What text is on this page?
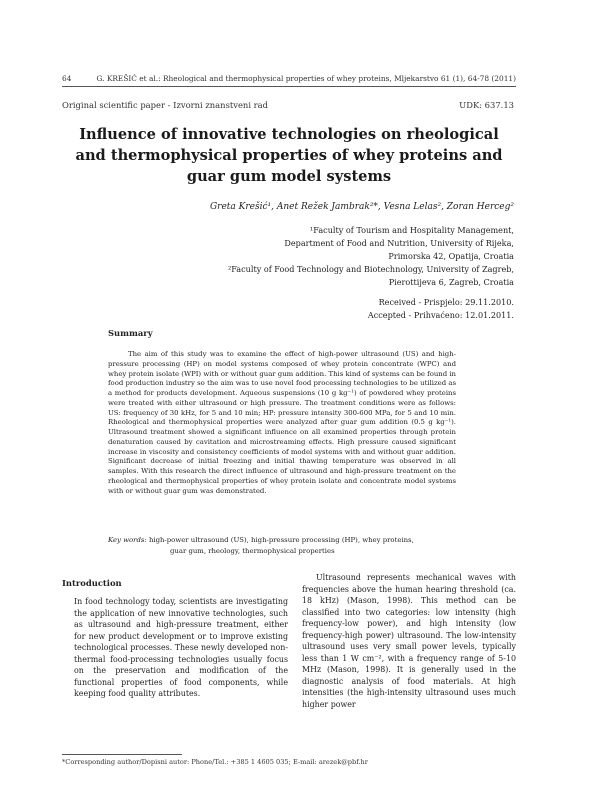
64	G. KREŠIĆ et al.: Rheological and thermophysical properties of whey proteins, Mljekarstvo 61 (1), 64-78 (2011)
Original scientific paper - Izvorni znanstveni rad	UDK: 637.13
Influence of innovative technologies on rheological and thermophysical properties of whey proteins and guar gum model systems
Greta Krešić¹, Anet Režek Jambrak²*, Vesna Lelas², Zoran Herceg²
¹Faculty of Tourism and Hospitality Management,
Department of Food and Nutrition, University of Rijeka,
Primorska 42, Opatija, Croatia
²Faculty of Food Technology and Biotechnology, University of Zagreb,
Pierottijeva 6, Zagreb, Croatia
Received - Prispjelo: 29.11.2010.
Accepted - Prihvaćeno: 12.01.2011.
Summary
The aim of this study was to examine the effect of high-power ultrasound (US) and high-pressure processing (HP) on model systems composed of whey protein concentrate (WPC) and whey protein isolate (WPI) with or without guar gum addition. This kind of systems can be found in food production industry so the aim was to use novel food processing technologies to be utilized as a method for products development. Aqueous suspensions (10 g kg⁻¹) of powdered whey proteins were treated with either ultrasound or high pressure. The treatment conditions were as follows: US: frequency of 30 kHz, for 5 and 10 min; HP: pressure intensity 300-600 MPa, for 5 and 10 min. Rheological and thermophysical properties were analyzed after guar gum addition (0.5 g kg⁻¹). Ultrasound treatment showed a significant influence on all examined properties through protein denaturation caused by cavitation and microstreaming effects. High pressure caused significant increase in viscosity and consistency coefficients of model systems with and without guar addition. Significant decrease of initial freezing and initial thawing temperature was observed in all samples. With this research the direct influence of ultrasound and high-pressure treatment on the rheological and thermophysical properties of whey protein isolate and concentrate model systems with or without guar gum was demonstrated.
Key words: high-power ultrasound (US), high-pressure processing (HP), whey proteins,
guar gum, rheology, thermophysical properties
Introduction
In food technology today, scientists are investigating the application of new innovative technologies, such as ultrasound and high-pressure treatment, either for new product development or to improve existing technological processes. These newly developed non-thermal food-processing technologies usually focus on the preservation and modification of the functional properties of food components, while keeping food quality attributes.
Ultrasound represents mechanical waves with frequencies above the human hearing threshold (ca. 18 kHz) (Mason, 1998). This method can be classified into two categories: low intensity (high frequency-low power), and high intensity (low frequency-high power) ultrasound. The low-intensity ultrasound uses very small power levels, typically less than 1 W cm⁻², with a frequency range of 5-10 MHz (Mason, 1998). It is generally used in the diagnostic analysis of food materials. At high intensities (the high-intensity ultrasound uses much higher power
*Corresponding author/Dopisni autor: Phone/Tel.: +385 1 4605 035; E-mail: arezek@pbf.hr
